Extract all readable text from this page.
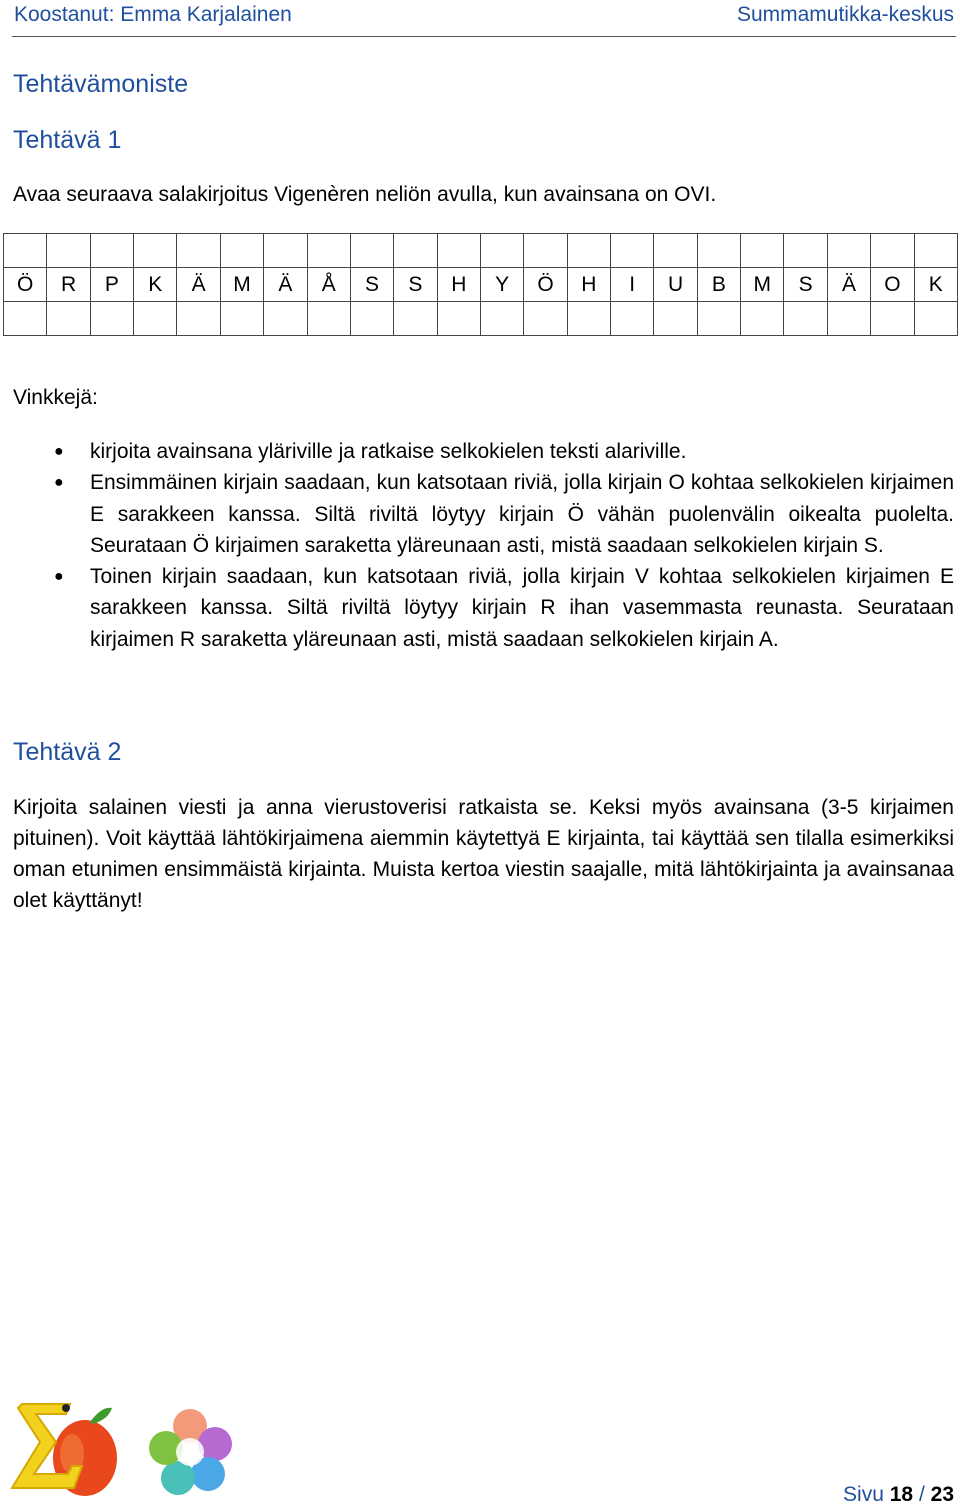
Koostanut: Emma Karjalainen	Summamutikka-keskus
Tehtävämoniste
Tehtävä 1

Avaa seuraava salakirjoitus Vigenèren neliön avulla, kun avainsana on OVI.

Ö	R	P	K	Ä	M	Ä	Å	S	S	H	Y	Ö	H	I	U	B	M	S	Ä	O	K

Vinkkejä:

● kirjoita avainsana yläriville ja ratkaise selkokielen teksti alariville.
● Ensimmäinen kirjain saadaan, kun katsotaan riviä, jolla kirjain O kohtaa selkokielen kirjaimen E sarakkeen kanssa. Siltä riviltä löytyy kirjain Ö vähän puolenvälin oikealta puolelta. Seurataan Ö kirjaimen saraketta yläreunaan asti, mistä saadaan selkokielen kirjain S.
● Toinen kirjain saadaan, kun katsotaan riviä, jolla kirjain V kohtaa selkokielen kirjaimen E sarakkeen kanssa. Siltä riviltä löytyy kirjain R ihan vasemmasta reunasta. Seurataan kirjaimen R saraketta yläreunaan asti, mistä saadaan selkokielen kirjain A.
Tehtävä 2

Kirjoita salainen viesti ja anna vierustoverisi ratkaista se. Keksi myös avainsana (3-5 kirjaimen pituinen). Voit käyttää lähtökirjaimena aiemmin käytettyä E kirjainta, tai käyttää sen tilalla esimerkiksi oman etunimen ensimmäistä kirjainta. Muista kertoa viestin saajalle, mitä lähtökirjainta ja avainsanaa olet käyttänyt!

Sivu 18 / 23
